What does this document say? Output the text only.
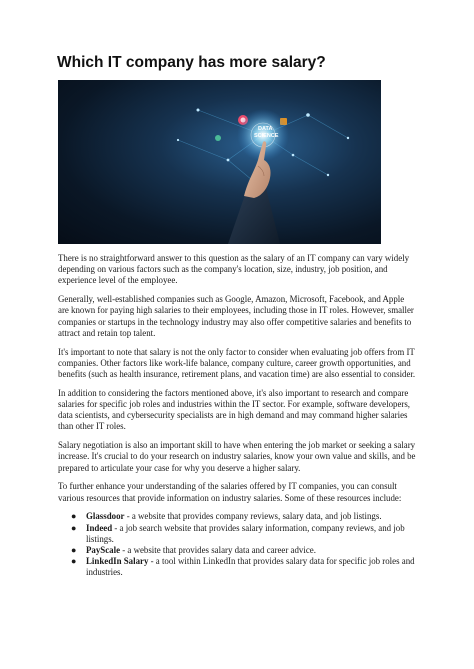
Which IT company has more salary?
DATA
SCIENCE

There is no straightforward answer to this question as the salary of an IT company can vary widely depending on various factors such as the company's location, size, industry, job position, and experience level of the employee.

Generally, well-established companies such as Google, Amazon, Microsoft, Facebook, and Apple are known for paying high salaries to their employees, including those in IT roles. However, smaller companies or startups in the technology industry may also offer competitive salaries and benefits to attract and retain top talent.

It's important to note that salary is not the only factor to consider when evaluating job offers from IT companies. Other factors like work-life balance, company culture, career growth opportunities, and benefits (such as health insurance, retirement plans, and vacation time) are also essential to consider.

In addition to considering the factors mentioned above, it's also important to research and compare salaries for specific job roles and industries within the IT sector. For example, software developers, data scientists, and cybersecurity specialists are in high demand and may command higher salaries than other IT roles.

Salary negotiation is also an important skill to have when entering the job market or seeking a salary increase. It's crucial to do your research on industry salaries, know your own value and skills, and be prepared to articulate your case for why you deserve a higher salary.

To further enhance your understanding of the salaries offered by IT companies, you can consult various resources that provide information on industry salaries. Some of these resources include:

● Glassdoor - a website that provides company reviews, salary data, and job listings.
● Indeed - a job search website that provides salary information, company reviews, and job listings.
● PayScale - a website that provides salary data and career advice.
● LinkedIn Salary - a tool within LinkedIn that provides salary data for specific job roles and industries.
